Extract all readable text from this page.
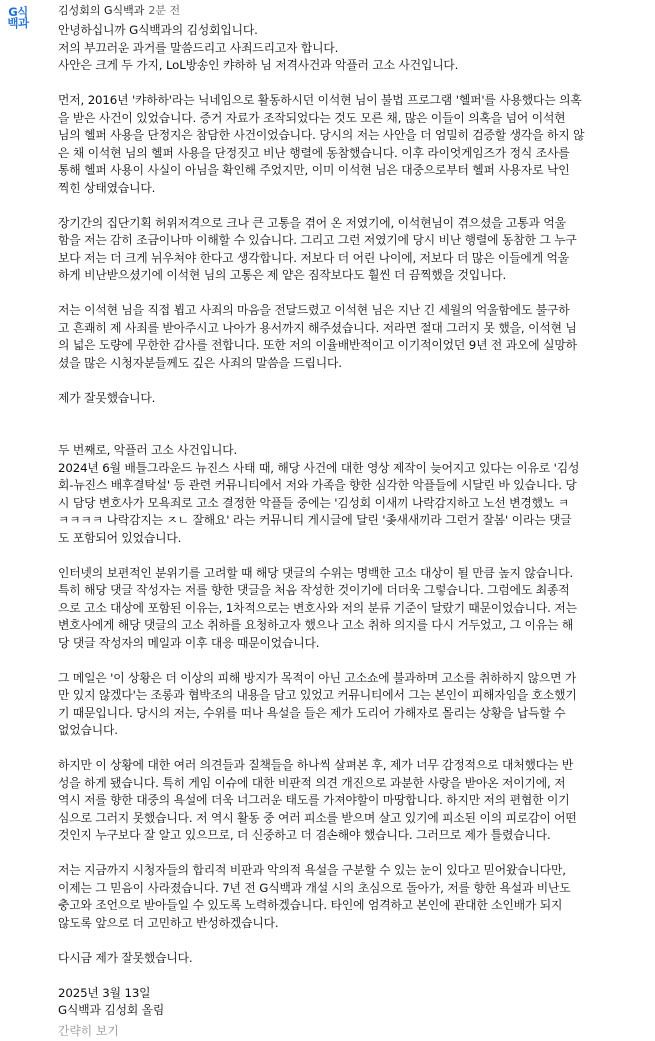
G식
백과
김성회의 G식백과 2분 전
안녕하십니까 G식백과의 김성회입니다.
저의 부끄러운 과거를 말씀드리고 사죄드리고자 합니다.
사안은 크게 두 가지, LoL방송인 캬하하 님 저격사건과 악플러 고소 사건입니다.
먼저, 2016년 '캬하하'라는 닉네임으로 활동하시던 이석현 님이 불법 프로그램 '헬퍼'를 사용했다는 의혹
을 받은 사건이 있었습니다. 증거 자료가 조작되었다는 것도 모른 채, 많은 이들이 의혹을 넘어 이석현
님의 헬퍼 사용을 단정지은 참담한 사건이었습니다. 당시의 저는 사안을 더 엄밀히 검증할 생각을 하지 않
은 채 이석현 님의 헬퍼 사용을 단정짓고 비난 행렬에 동참했습니다. 이후 라이엇게임즈가 정식 조사를
통해 헬퍼 사용이 사실이 아님을 확인해 주었지만, 이미 이석현 님은 대중으로부터 헬퍼 사용자로 낙인
찍힌 상태였습니다.
장기간의 집단기획 허위저격으로 크나 큰 고통을 겪어 온 저였기에, 이석현님이 겪으셨을 고통과 억울
함을 저는 감히 조금이나마 이해할 수 있습니다. 그리고 그런 저였기에 당시 비난 행렬에 동참한 그 누구
보다 저는 더 크게 뉘우쳐야 한다고 생각합니다. 저보다 더 어린 나이에, 저보다 더 많은 이들에게 억울
하게 비난받으셨기에 이석현 님의 고통은 제 얕은 짐작보다도 훨씬 더 끔찍했을 것입니다.
저는 이석현 님을 직접 뵙고 사죄의 마음을 전달드렸고 이석현 님은 지난 긴 세월의 억울함에도 불구하
고 흔쾌히 제 사죄를 받아주시고 나아가 용서까지 해주셨습니다. 저라면 절대 그러지 못 했을, 이석현 님
의 넓은 도량에 무한한 감사를 전합니다. 또한 저의 이율배반적이고 이기적이었던 9년 전 과오에 실망하
셨을 많은 시청자분들께도 깊은 사죄의 말씀을 드립니다.
제가 잘못했습니다.
두 번째로, 악플러 고소 사건입니다.
2024년 6월 배틀그라운드 뉴진스 사태 때, 해당 사건에 대한 영상 제작이 늦어지고 있다는 이유로 '김성
회-뉴진스 배후결탁설' 등 관련 커뮤니티에서 저와 가족을 향한 심각한 악플들에 시달린 바 있습니다. 당
시 담당 변호사가 모욕죄로 고소 결정한 악플들 중에는 '김성회 이새끼 나락감지하고 노선 변경했노 ㅋ
ㅋㅋㅋㅋ 나락감지는 ㅈㄴ 잘해요' 라는 커뮤니티 게시글에 달린 '좆새새끼라 그런거 잘봄' 이라는 댓글
도 포함되어 있었습니다.
인터넷의 보편적인 분위기를 고려할 때 해당 댓글의 수위는 명백한 고소 대상이 될 만큼 높지 않습니다.
특히 해당 댓글 작성자는 저를 향한 댓글을 처음 작성한 것이기에 더더욱 그렇습니다. 그럼에도 최종적
으로 고소 대상에 포함된 이유는, 1차적으로는 변호사와 저의 분류 기준이 달랐기 때문이었습니다. 저는
변호사에게 해당 댓글의 고소 취하를 요청하고자 했으나 고소 취하 의지를 다시 거두었고, 그 이유는 해
당 댓글 작성자의 메일과 이후 대응 때문이었습니다.
그 메일은 '이 상황은 더 이상의 피해 방지가 목적이 아닌 고소쇼에 불과하며 고소를 취하하지 않으면 가
만 있지 않겠다'는 조롱과 협박조의 내용을 담고 있었고 커뮤니티에서 그는 본인이 피해자임을 호소했기
기 때문입니다. 당시의 저는, 수위를 떠나 욕설을 들은 제가 도리어 가해자로 몰리는 상황을 납득할 수
없었습니다.
하지만 이 상황에 대한 여러 의견들과 질책들을 하나씩 살펴본 후, 제가 너무 감정적으로 대처했다는 반
성을 하게 됐습니다. 특히 게임 이슈에 대한 비판적 의견 개진으로 과분한 사랑을 받아온 저이기에, 저
역시 저를 향한 대중의 욕설에 더욱 너그러운 태도를 가져야할이 마땅합니다. 하지만 저의 편협한 이기
심으로 그러지 못했습니다. 저 역시 활동 중 여러 피소를 받으며 살고 있기에 피소된 이의 피로감이 어떤
것인지 누구보다 잘 알고 있으므로, 더 신중하고 더 겸손해야 했습니다. 그러므로 제가 틀렸습니다.
저는 지금까지 시청자들의 합리적 비판과 악의적 욕설을 구분할 수 있는 눈이 있다고 믿어왔습니다만,
이제는 그 믿음이 사라졌습니다. 7년 전 G식백과 개설 시의 초심으로 돌아가, 저를 향한 욕설과 비난도
충고와 조언으로 받아들일 수 있도록 노력하겠습니다. 타인에 엄격하고 본인에 관대한 소인배가 되지
않도록 앞으로 더 고민하고 반성하겠습니다.
다시금 제가 잘못했습니다.
2025년 3월 13일
G식백과 김성회 올림
간략히 보기
